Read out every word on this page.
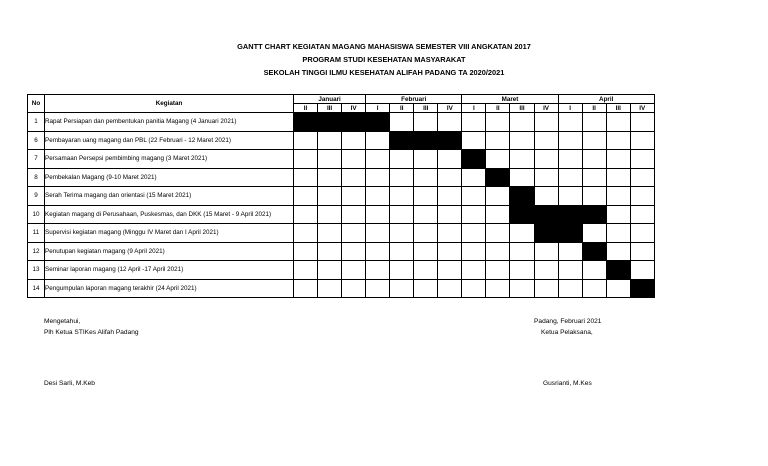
GANTT CHART KEGIATAN MAGANG MAHASISWA SEMESTER VIII ANGKATAN 2017
PROGRAM STUDI KESEHATAN MASYARAKAT
SEKOLAH TINGGI ILMU KESEHATAN ALIFAH PADANG TA 2020/2021
No	Kegiatan	Januari			Februari				Maret				April			
		II	III	IV	I	II	III	IV	I	II	III	IV	I	II	III	IV
1	Rapat Persiapan dan pembentukan panitia Magang (4 Januari 2021)															
6	Pembayaran uang magang dan PBL (22 Februari - 12 Maret 2021)															
7	Persamaan Persepsi pembimbing magang (3 Maret 2021)															
8	Pembekalan Magang (9-10 Maret 2021)															
9	Serah Terima magang dan orientasi (15 Maret 2021)															
10	Kegiatan magang di Perusahaan, Puskesmas, dan DKK (15 Maret - 9 April 2021)															
11	Supervisi kegiatan magang (Minggu IV Maret dan I April 2021)															
12	Penutupan kegiatan magang (9 April 2021)															
13	Seminar laporan magang (12 April -17 April 2021)															
14	Pengumpulan laporan magang terakhir (24 April 2021)															
Mengetahui,
Plh Ketua STIKes Alifah Padang
Desi Sarli, M.Keb
Padang, Februari 2021
Ketua Pelaksana,
Gusrianti, M.Kes
